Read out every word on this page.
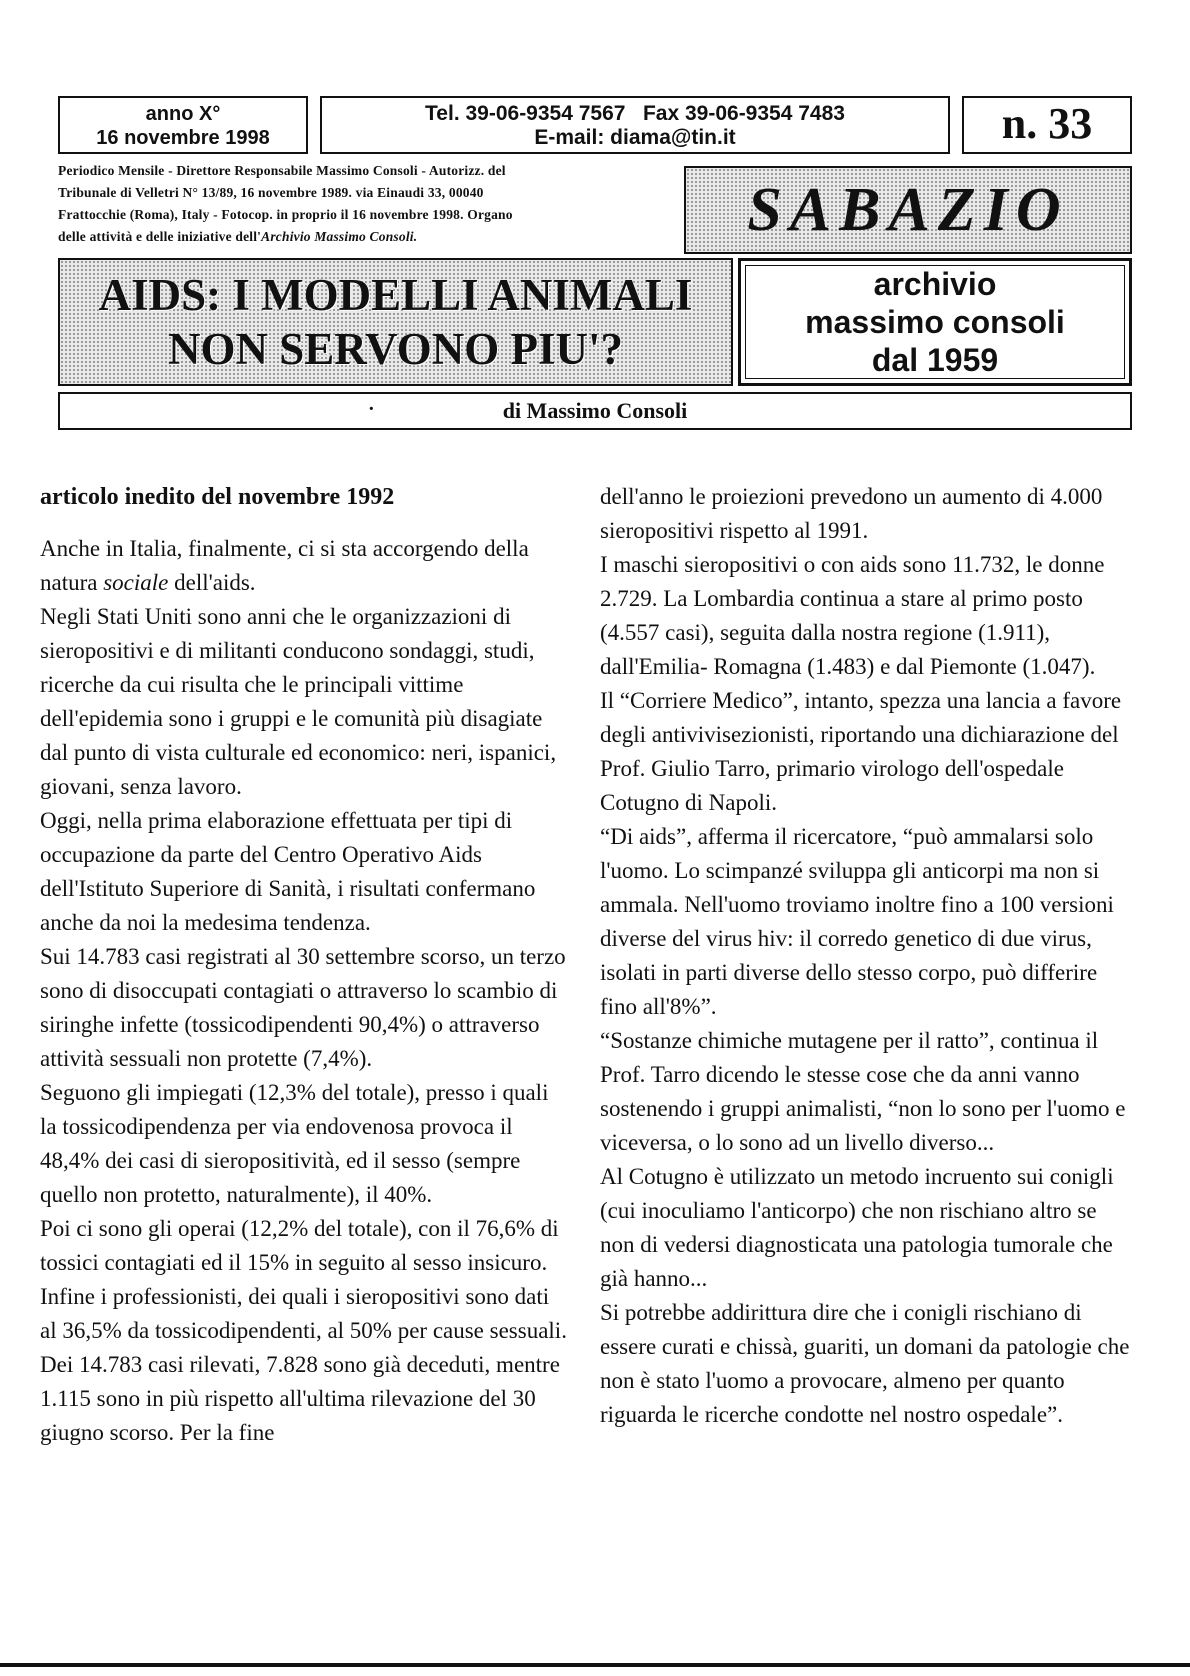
anno X°
16 novembre 1998
Tel. 39-06-9354 7567   Fax 39-06-9354 7483
E-mail: diama@tin.it	n. 33
Periodico Mensile - Direttore Responsabile Massimo Consoli - Autorizz. del
Tribunale di Velletri N° 13/89, 16 novembre 1989. via Einaudi 33, 00040
Frattocchie (Roma), Italy - Fotocop. in proprio il 16 novembre 1998. Organo
delle attività e delle iniziative dell'Archivio Massimo Consoli.	SABAZIO
AIDS: I MODELLI ANIMALI
NON SERVONO PIU'?
archivio
massimo consoli
dal 1959
·	di Massimo Consoli

articolo inedito del novembre 1992

Anche in Italia, finalmente, ci si sta accorgendo della natura sociale dell'aids.

Negli Stati Uniti sono anni che le organizzazioni di sieropositivi e di militanti conducono sondaggi, studi, ricerche da cui risulta che le principali vittime dell'epidemia sono i gruppi e le comunità più disagiate dal punto di vista culturale ed economico: neri, ispanici, giovani, senza lavoro.

Oggi, nella prima elaborazione effettuata per tipi di occupazione da parte del Centro Operativo Aids dell'Istituto Superiore di Sanità, i risultati confermano anche da noi la medesima tendenza.

Sui 14.783 casi registrati al 30 settembre scorso, un terzo sono di disoccupati contagiati o attraverso lo scambio di siringhe infette (tossicodipendenti 90,4%) o attraverso attività sessuali non protette (7,4%).

Seguono gli impiegati (12,3% del totale), presso i quali la tossicodipendenza per via endovenosa provoca il 48,4% dei casi di sieropositività, ed il sesso (sempre quello non protetto, naturalmente), il 40%.

Poi ci sono gli operai (12,2% del totale), con il 76,6% di tossici contagiati ed il 15% in seguito al sesso insicuro.

Infine i professionisti, dei quali i sieropositivi sono dati al 36,5% da tossicodipendenti, al 50% per cause sessuali.

Dei 14.783 casi rilevati, 7.828 sono già deceduti, mentre 1.115 sono in più rispetto all'ultima rilevazione del 30 giugno scorso. Per la fine

dell'anno le proiezioni prevedono un aumento di 4.000 sieropositivi rispetto al 1991.

I maschi sieropositivi o con aids sono 11.732, le donne 2.729. La Lombardia continua a stare al primo posto (4.557 casi), seguita dalla nostra regione (1.911), dall'Emilia- Romagna (1.483) e dal Piemonte (1.047).

Il “Corriere Medico”, intanto, spezza una lancia a favore degli antivivisezionisti, riportando una dichiarazione del Prof. Giulio Tarro, primario virologo dell'ospedale Cotugno di Napoli.

“Di aids”, afferma il ricercatore, “può ammalarsi solo l'uomo. Lo scimpanzé sviluppa gli anticorpi ma non si ammala. Nell'uomo troviamo inoltre fino a 100 versioni diverse del virus hiv: il corredo genetico di due virus, isolati in parti diverse dello stesso corpo, può differire fino all'8%”.

“Sostanze chimiche mutagene per il ratto”, continua il Prof. Tarro dicendo le stesse cose che da anni vanno sostenendo i gruppi animalisti, “non lo sono per l'uomo e viceversa, o lo sono ad un livello diverso...

Al Cotugno è utilizzato un metodo incruento sui conigli (cui inoculiamo l'anticorpo) che non rischiano altro se non di vedersi diagnosticata una patologia tumorale che già hanno...

Si potrebbe addirittura dire che i conigli rischiano di essere curati e chissà, guariti, un domani da patologie che non è stato l'uomo a provocare, almeno per quanto riguarda le ricerche condotte nel nostro ospedale”.
